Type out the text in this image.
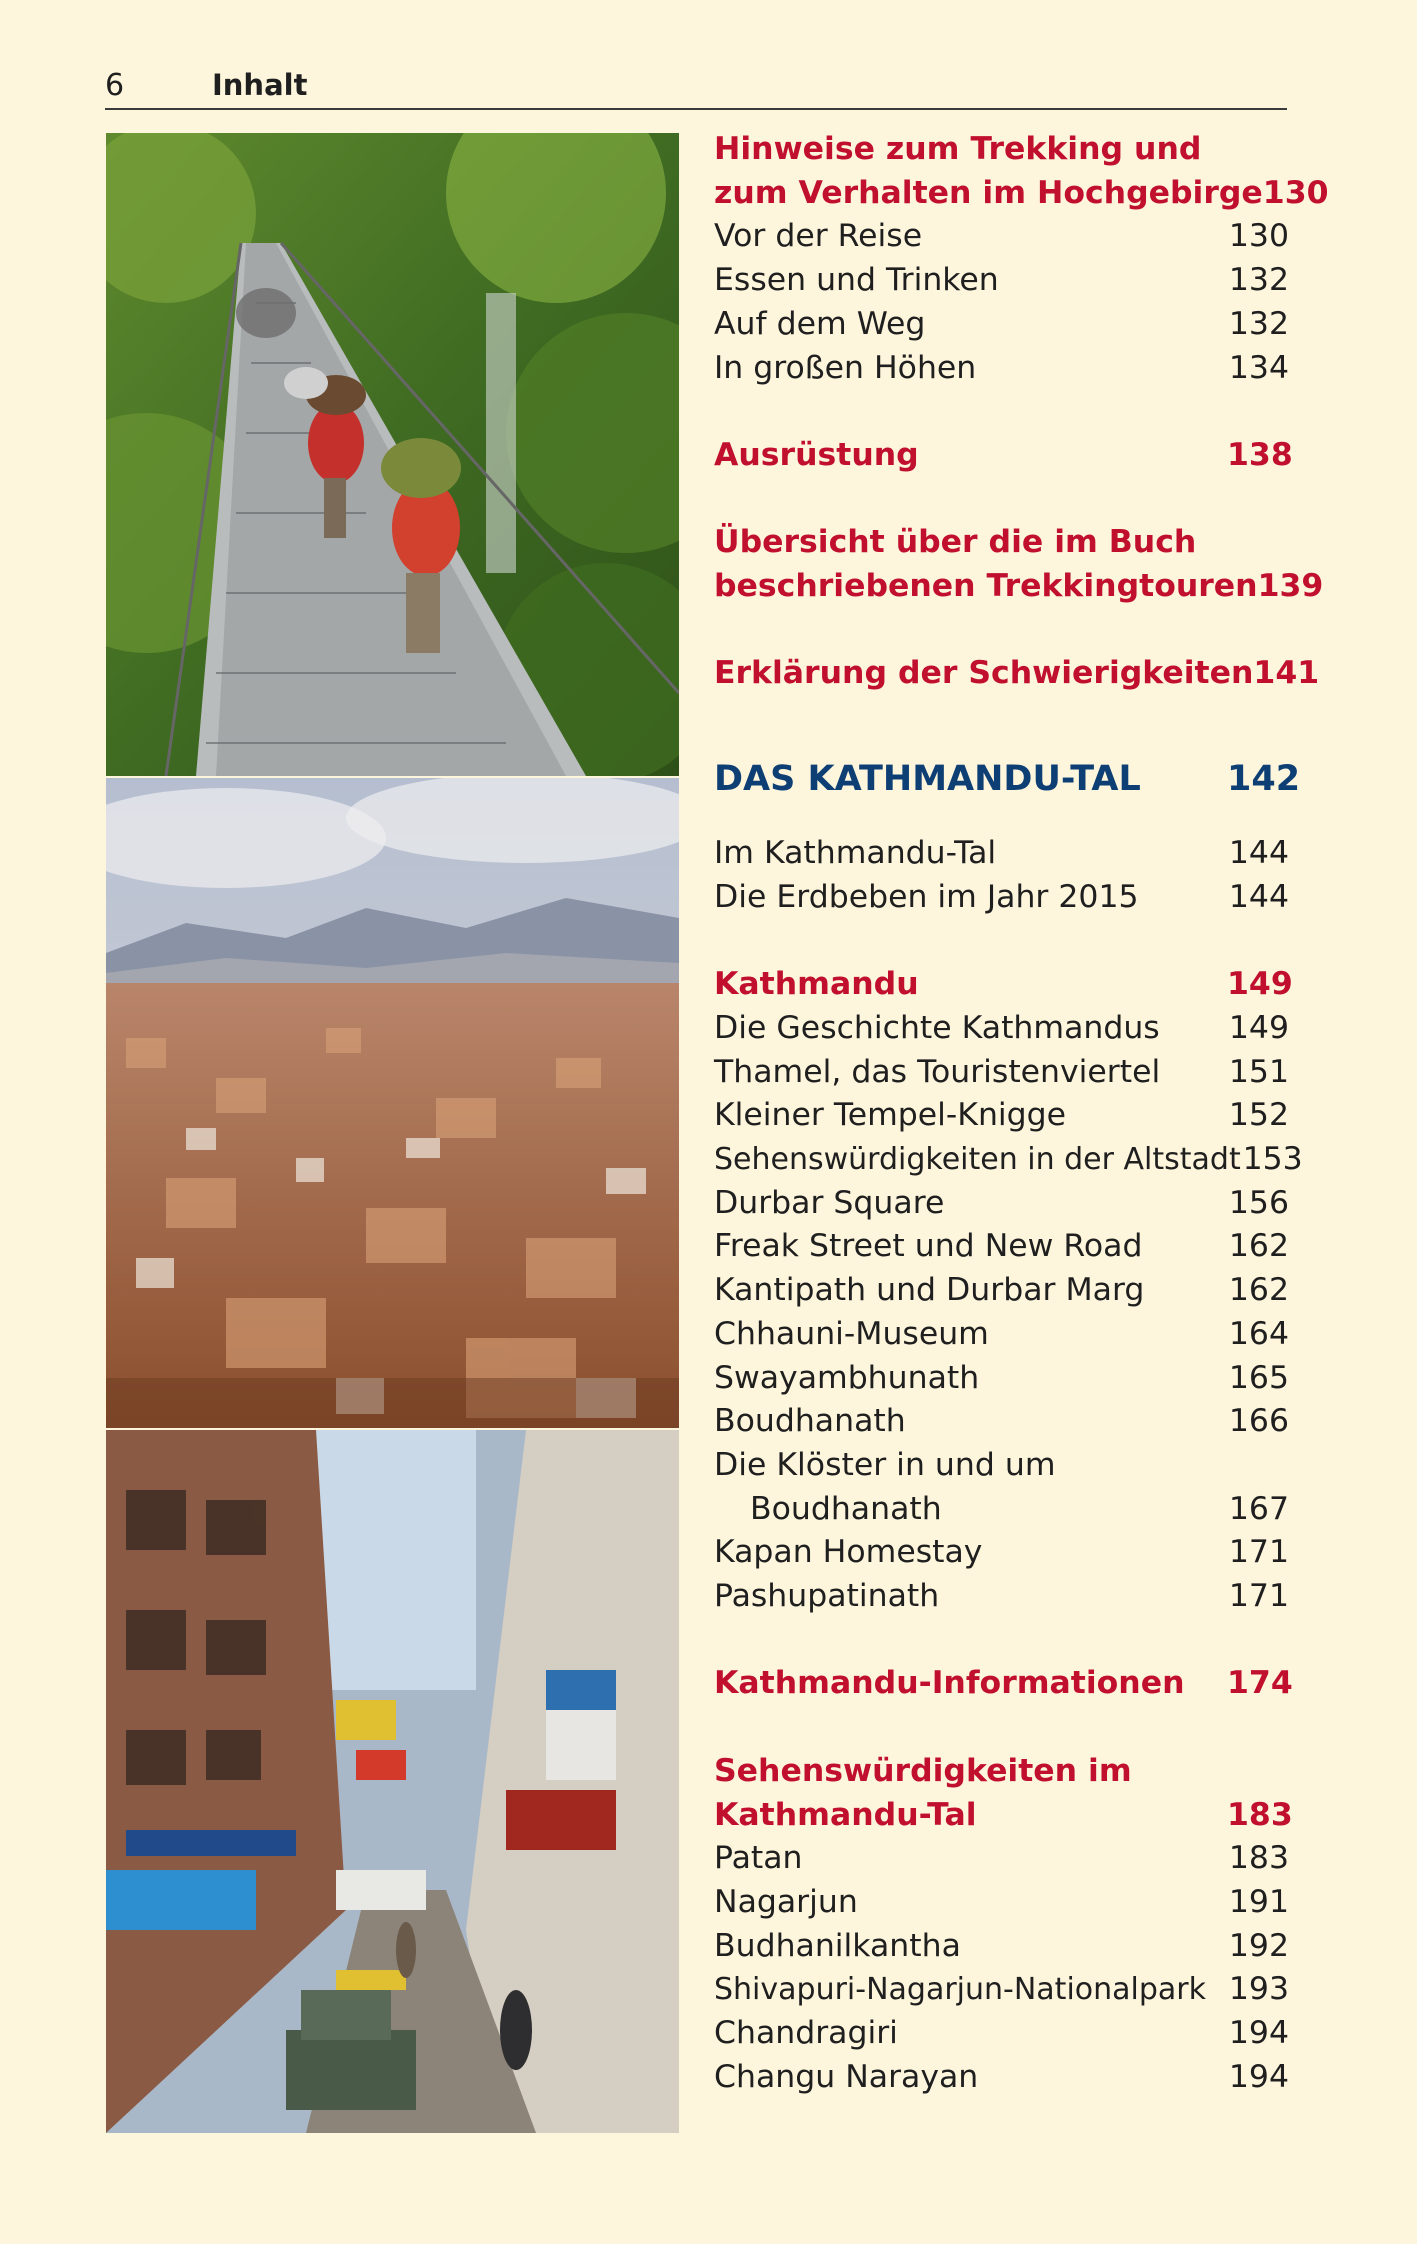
6	Inhalt
Hinweise zum Trekking und
zum Verhalten im Hochgebirge 130
Vor der Reise	130
Essen und Trinken	132
Auf dem Weg	132
In großen Höhen	134
Ausrüstung	138
Übersicht über die im Buch
beschriebenen Trekkingtouren 139
Erklärung der Schwierigkeiten 141
DAS KATHMANDU-TAL 142
Im Kathmandu-Tal	144
Die Erdbeben im Jahr 2015	144
Kathmandu	149
Die Geschichte Kathmandus 149
Thamel, das Touristenviertel 151
Kleiner Tempel-Knigge	152
Sehenswürdigkeiten in der Altstadt 153
Durbar Square	156
Freak Street und New Road	162
Kantipath und Durbar Marg	162
Chhauni-Museum	164
Swayambhunath	165
Boudhanath	166
Die Klöster in und um
Boudhanath	167
Kapan Homestay	171
Pashupatinath	171
Kathmandu-Informationen 174
Sehenswürdigkeiten im
Kathmandu-Tal	183
Patan	183
Nagarjun	191
Budhanilkantha	192
Shivapuri-Nagarjun-Nationalpark 193
Chandragiri	194
Changu Narayan	194
